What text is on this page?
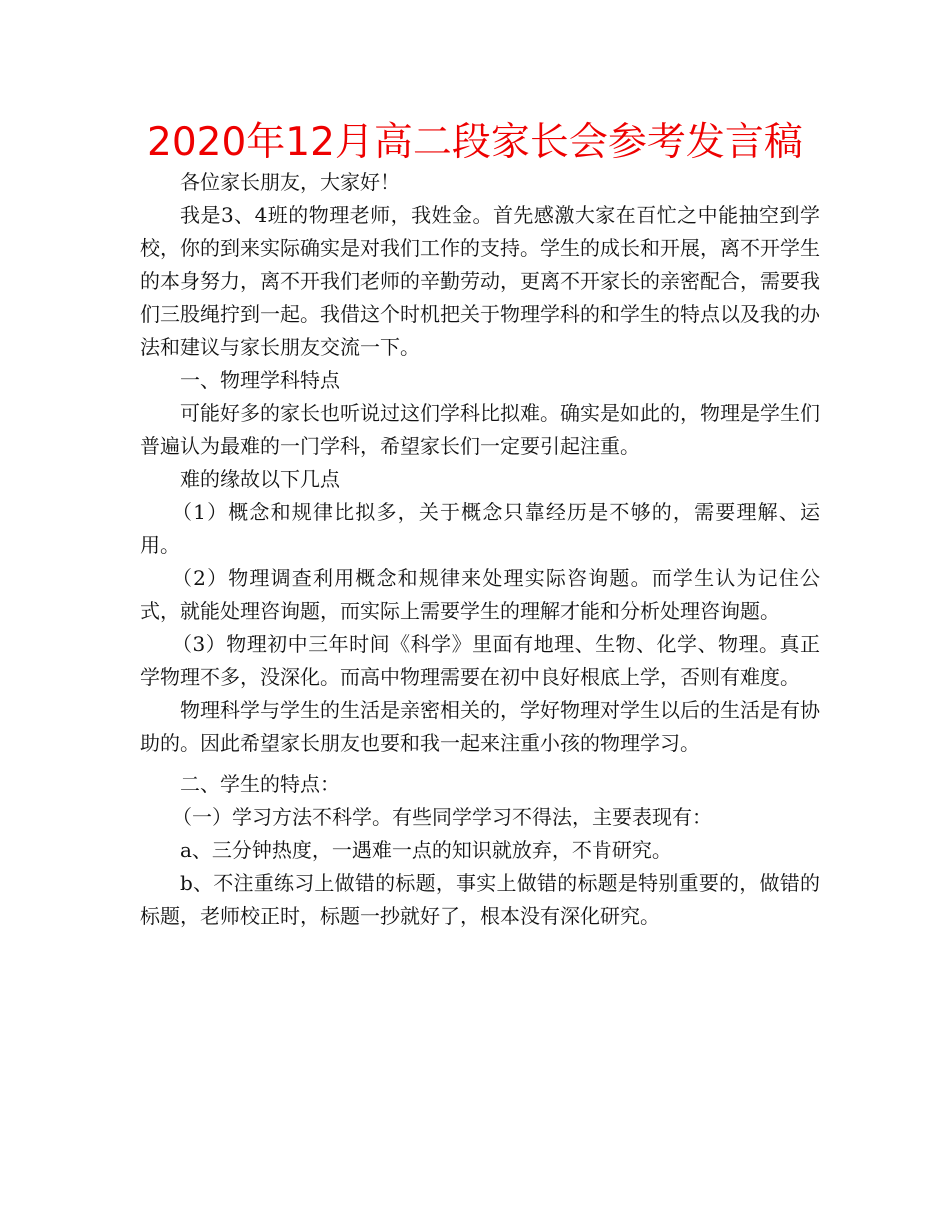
2020年12月高二段家长会参考发言稿

各位家长朋友，大家好！

我是3、4班的物理老师，我姓金。首先感激大家在百忙之中能抽空到学校，你的到来实际确实是对我们工作的支持。学生的成长和开展，离不开学生的本身努力，离不开我们老师的辛勤劳动，更离不开家长的亲密配合，需要我们三股绳拧到一起。我借这个时机把关于物理学科的和学生的特点以及我的办法和建议与家长朋友交流一下。

一、物理学科特点

可能好多的家长也听说过这们学科比拟难。确实是如此的，物理是学生们普遍认为最难的一门学科，希望家长们一定要引起注重。

难的缘故以下几点

（1）概念和规律比拟多，关于概念只靠经历是不够的，需要理解、运用。

（2）物理调查利用概念和规律来处理实际咨询题。而学生认为记住公式，就能处理咨询题，而实际上需要学生的理解才能和分析处理咨询题。

（3）物理初中三年时间《科学》里面有地理、生物、化学、物理。真正学物理不多，没深化。而高中物理需要在初中良好根底上学，否则有难度。

物理科学与学生的生活是亲密相关的，学好物理对学生以后的生活是有协助的。因此希望家长朋友也要和我一起来注重小孩的物理学习。

二、学生的特点：

（一）学习方法不科学。有些同学学习不得法，主要表现有：

a、三分钟热度，一遇难一点的知识就放弃，不肯研究。

b、不注重练习上做错的标题，事实上做错的标题是特别重要的，做错的标题，老师校正时，标题一抄就好了，根本没有深化研究。
